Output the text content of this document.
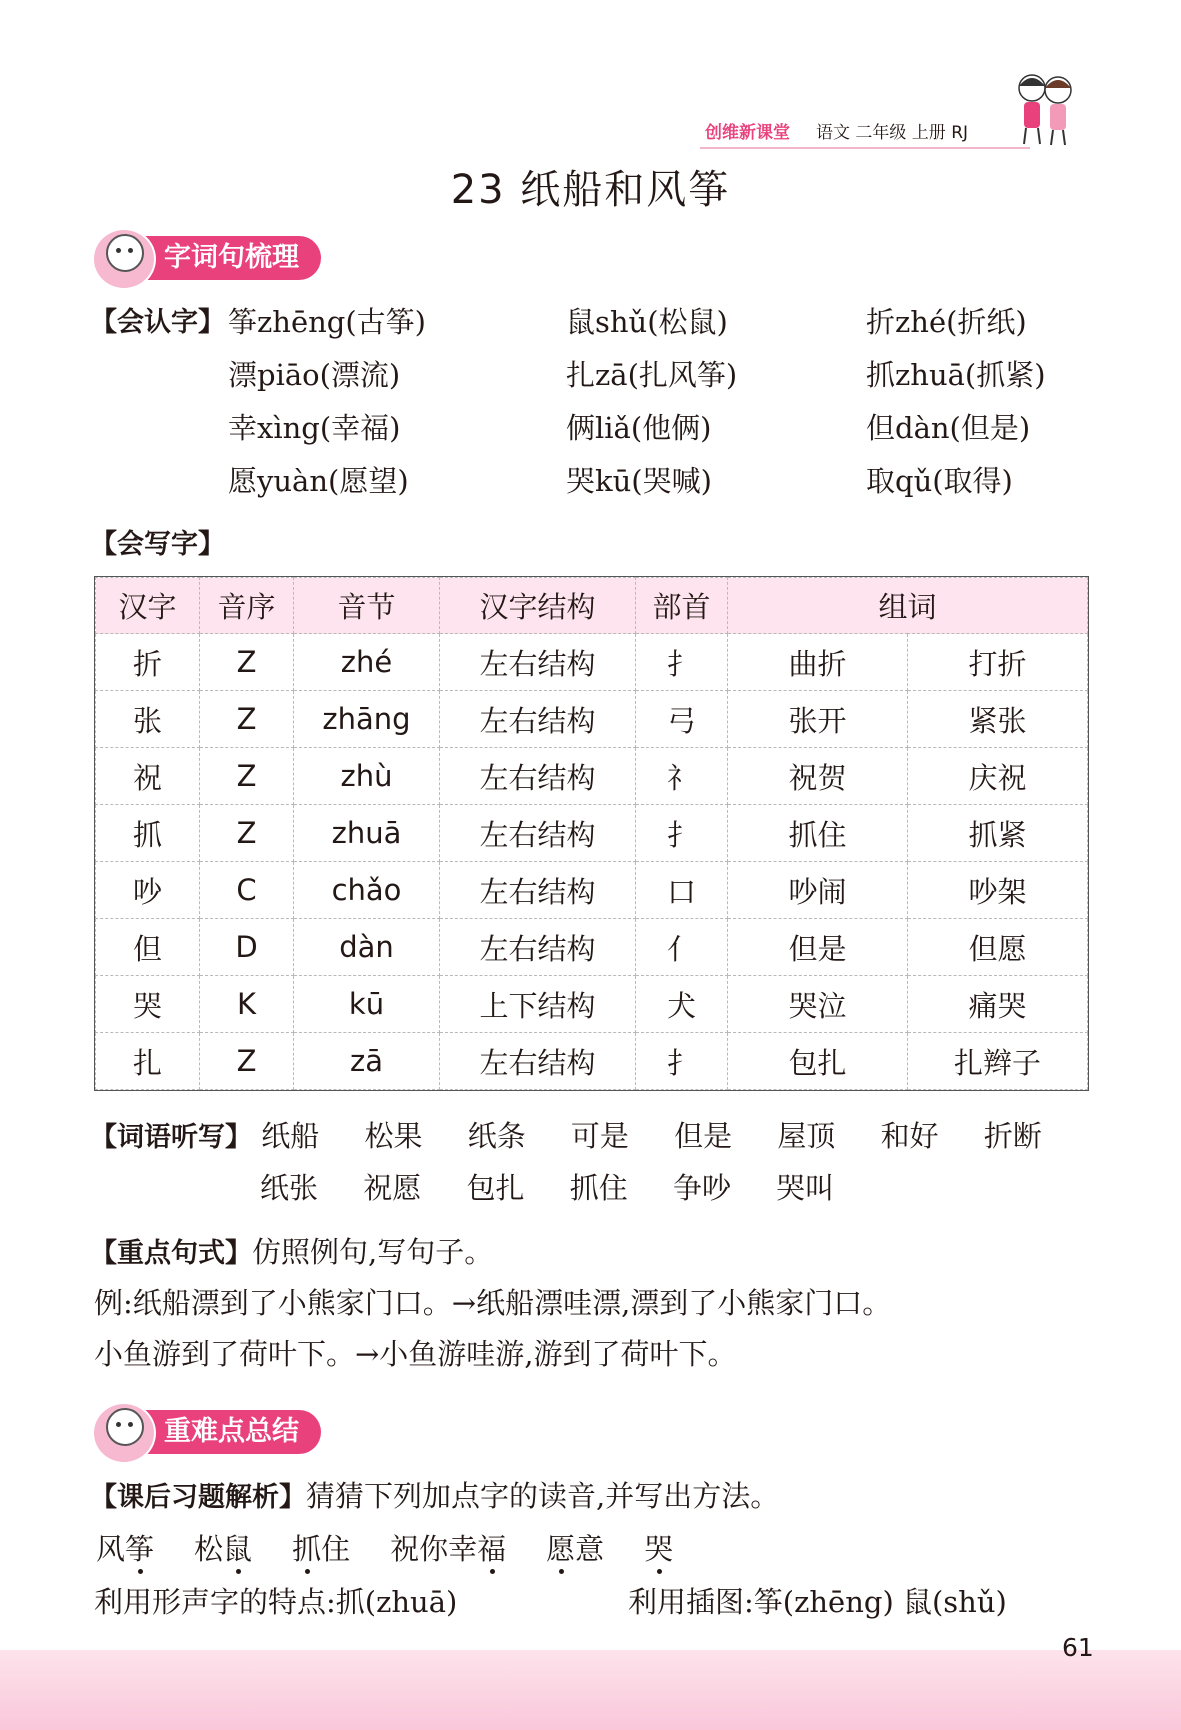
创维新课堂 语文 二年级 上册 RJ
23 纸船和风筝
字词句梳理
【会认字】 筝zhēng(古筝)	鼠shǔ(松鼠)	折zhé(折纸)
漂piāo(漂流)	扎zā(扎风筝)	抓zhuā(抓紧)
幸xìng(幸福)	俩liǎ(他俩)	但dàn(但是)
愿yuàn(愿望)	哭kū(哭喊)	取qǔ(取得)
【会写字】
汉字	音序	音节	汉字结构	部首	组词	
折	Z	zhé	左右结构	扌	曲折	打折
张	Z	zhāng	左右结构	弓	张开	紧张
祝	Z	zhù	左右结构	礻	祝贺	庆祝
抓	Z	zhuā	左右结构	扌	抓住	抓紧
吵	C	chǎo	左右结构	口	吵闹	吵架
但	D	dàn	左右结构	亻	但是	但愿
哭	K	kū	上下结构	犬	哭泣	痛哭
扎	Z	zā	左右结构	扌	包扎	扎辫子
【词语听写】 纸船 松果 纸条 可是 但是 屋顶 和好 折断
纸张 祝愿 包扎 抓住 争吵 哭叫
【重点句式】仿照例句,写句子。
例:纸船漂到了小熊家门口。→纸船漂哇漂,漂到了小熊家门口。
小鱼游到了荷叶下。→小鱼游哇游,游到了荷叶下。
重难点总结
【课后习题解析】猜猜下列加点字的读音,并写出方法。
风筝 松鼠 抓住 祝你幸福 愿意 哭
利用形声字的特点:抓(zhuā)	利用插图:筝(zhēng) 鼠(shǔ)
61
